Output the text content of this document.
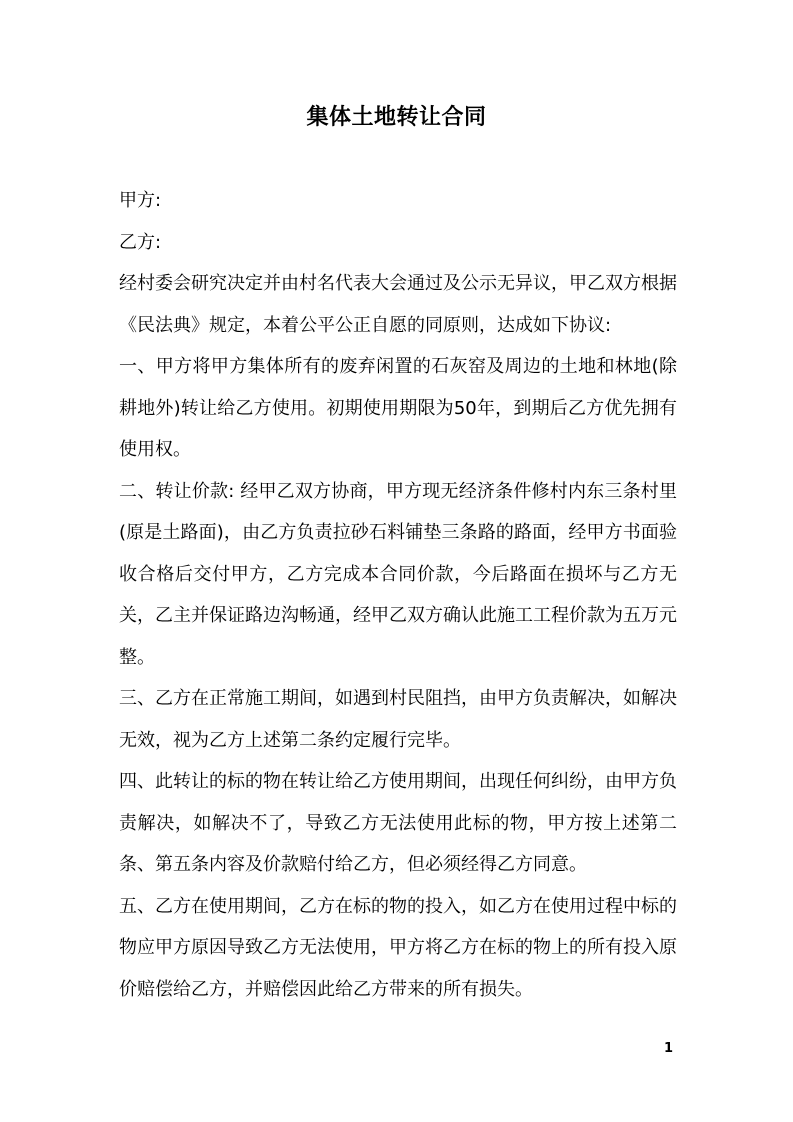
集体土地转让合同

甲方:

乙方:

经村委会研究决定并由村名代表大会通过及公示无异议，甲乙双方根据《民法典》规定，本着公平公正自愿的同原则，达成如下协议:

一、甲方将甲方集体所有的废弃闲置的石灰窑及周边的土地和林地(除耕地外)转让给乙方使用。初期使用期限为50年，到期后乙方优先拥有使用权。

二、转让价款: 经甲乙双方协商，甲方现无经济条件修村内东三条村里(原是土路面)，由乙方负责拉砂石料铺垫三条路的路面，经甲方书面验收合格后交付甲方，乙方完成本合同价款，今后路面在损坏与乙方无关，乙主并保证路边沟畅通，经甲乙双方确认此施工工程价款为五万元整。

三、乙方在正常施工期间，如遇到村民阻挡，由甲方负责解决，如解决无效，视为乙方上述第二条约定履行完毕。

四、此转让的标的物在转让给乙方使用期间，出现任何纠纷，由甲方负责解决，如解决不了，导致乙方无法使用此标的物，甲方按上述第二条、第五条内容及价款赔付给乙方，但必须经得乙方同意。

五、乙方在使用期间，乙方在标的物的投入，如乙方在使用过程中标的物应甲方原因导致乙方无法使用，甲方将乙方在标的物上的所有投入原价赔偿给乙方，并赔偿因此给乙方带来的所有损失。

1
